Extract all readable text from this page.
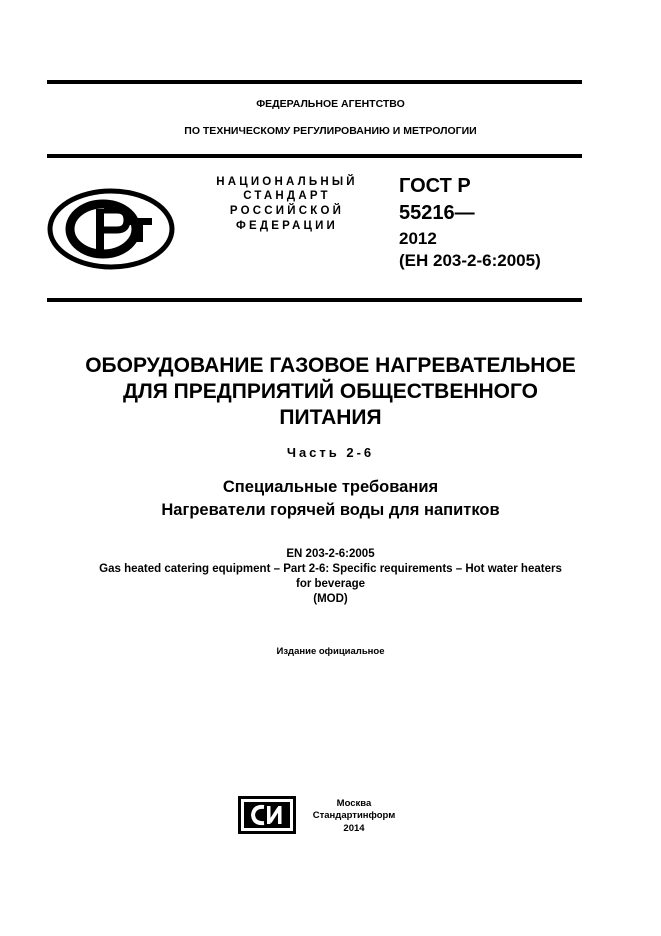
ФЕДЕРАЛЬНОЕ АГЕНТСТВО
ПО ТЕХНИЧЕСКОМУ РЕГУЛИРОВАНИЮ И МЕТРОЛОГИИ
НАЦИОНАЛЬНЫЙ
СТАНДАРТ
РОССИЙСКОЙ
ФЕДЕРАЦИИ
ГОСТ Р
55216—
2012
(ЕН 203-2-6:2005)
ОБОРУДОВАНИЕ ГАЗОВОЕ НАГРЕВАТЕЛЬНОЕ
ДЛЯ ПРЕДПРИЯТИЙ ОБЩЕСТВЕННОГО
ПИТАНИЯ
Часть 2-6
Специальные требования
Нагреватели горячей воды для напитков
EN 203-2-6:2005
Gas heated catering equipment – Part 2-6: Specific requirements – Hot water heaters
for beverage
(MOD)
Издание официальное
Москва
Стандартинформ
2014
